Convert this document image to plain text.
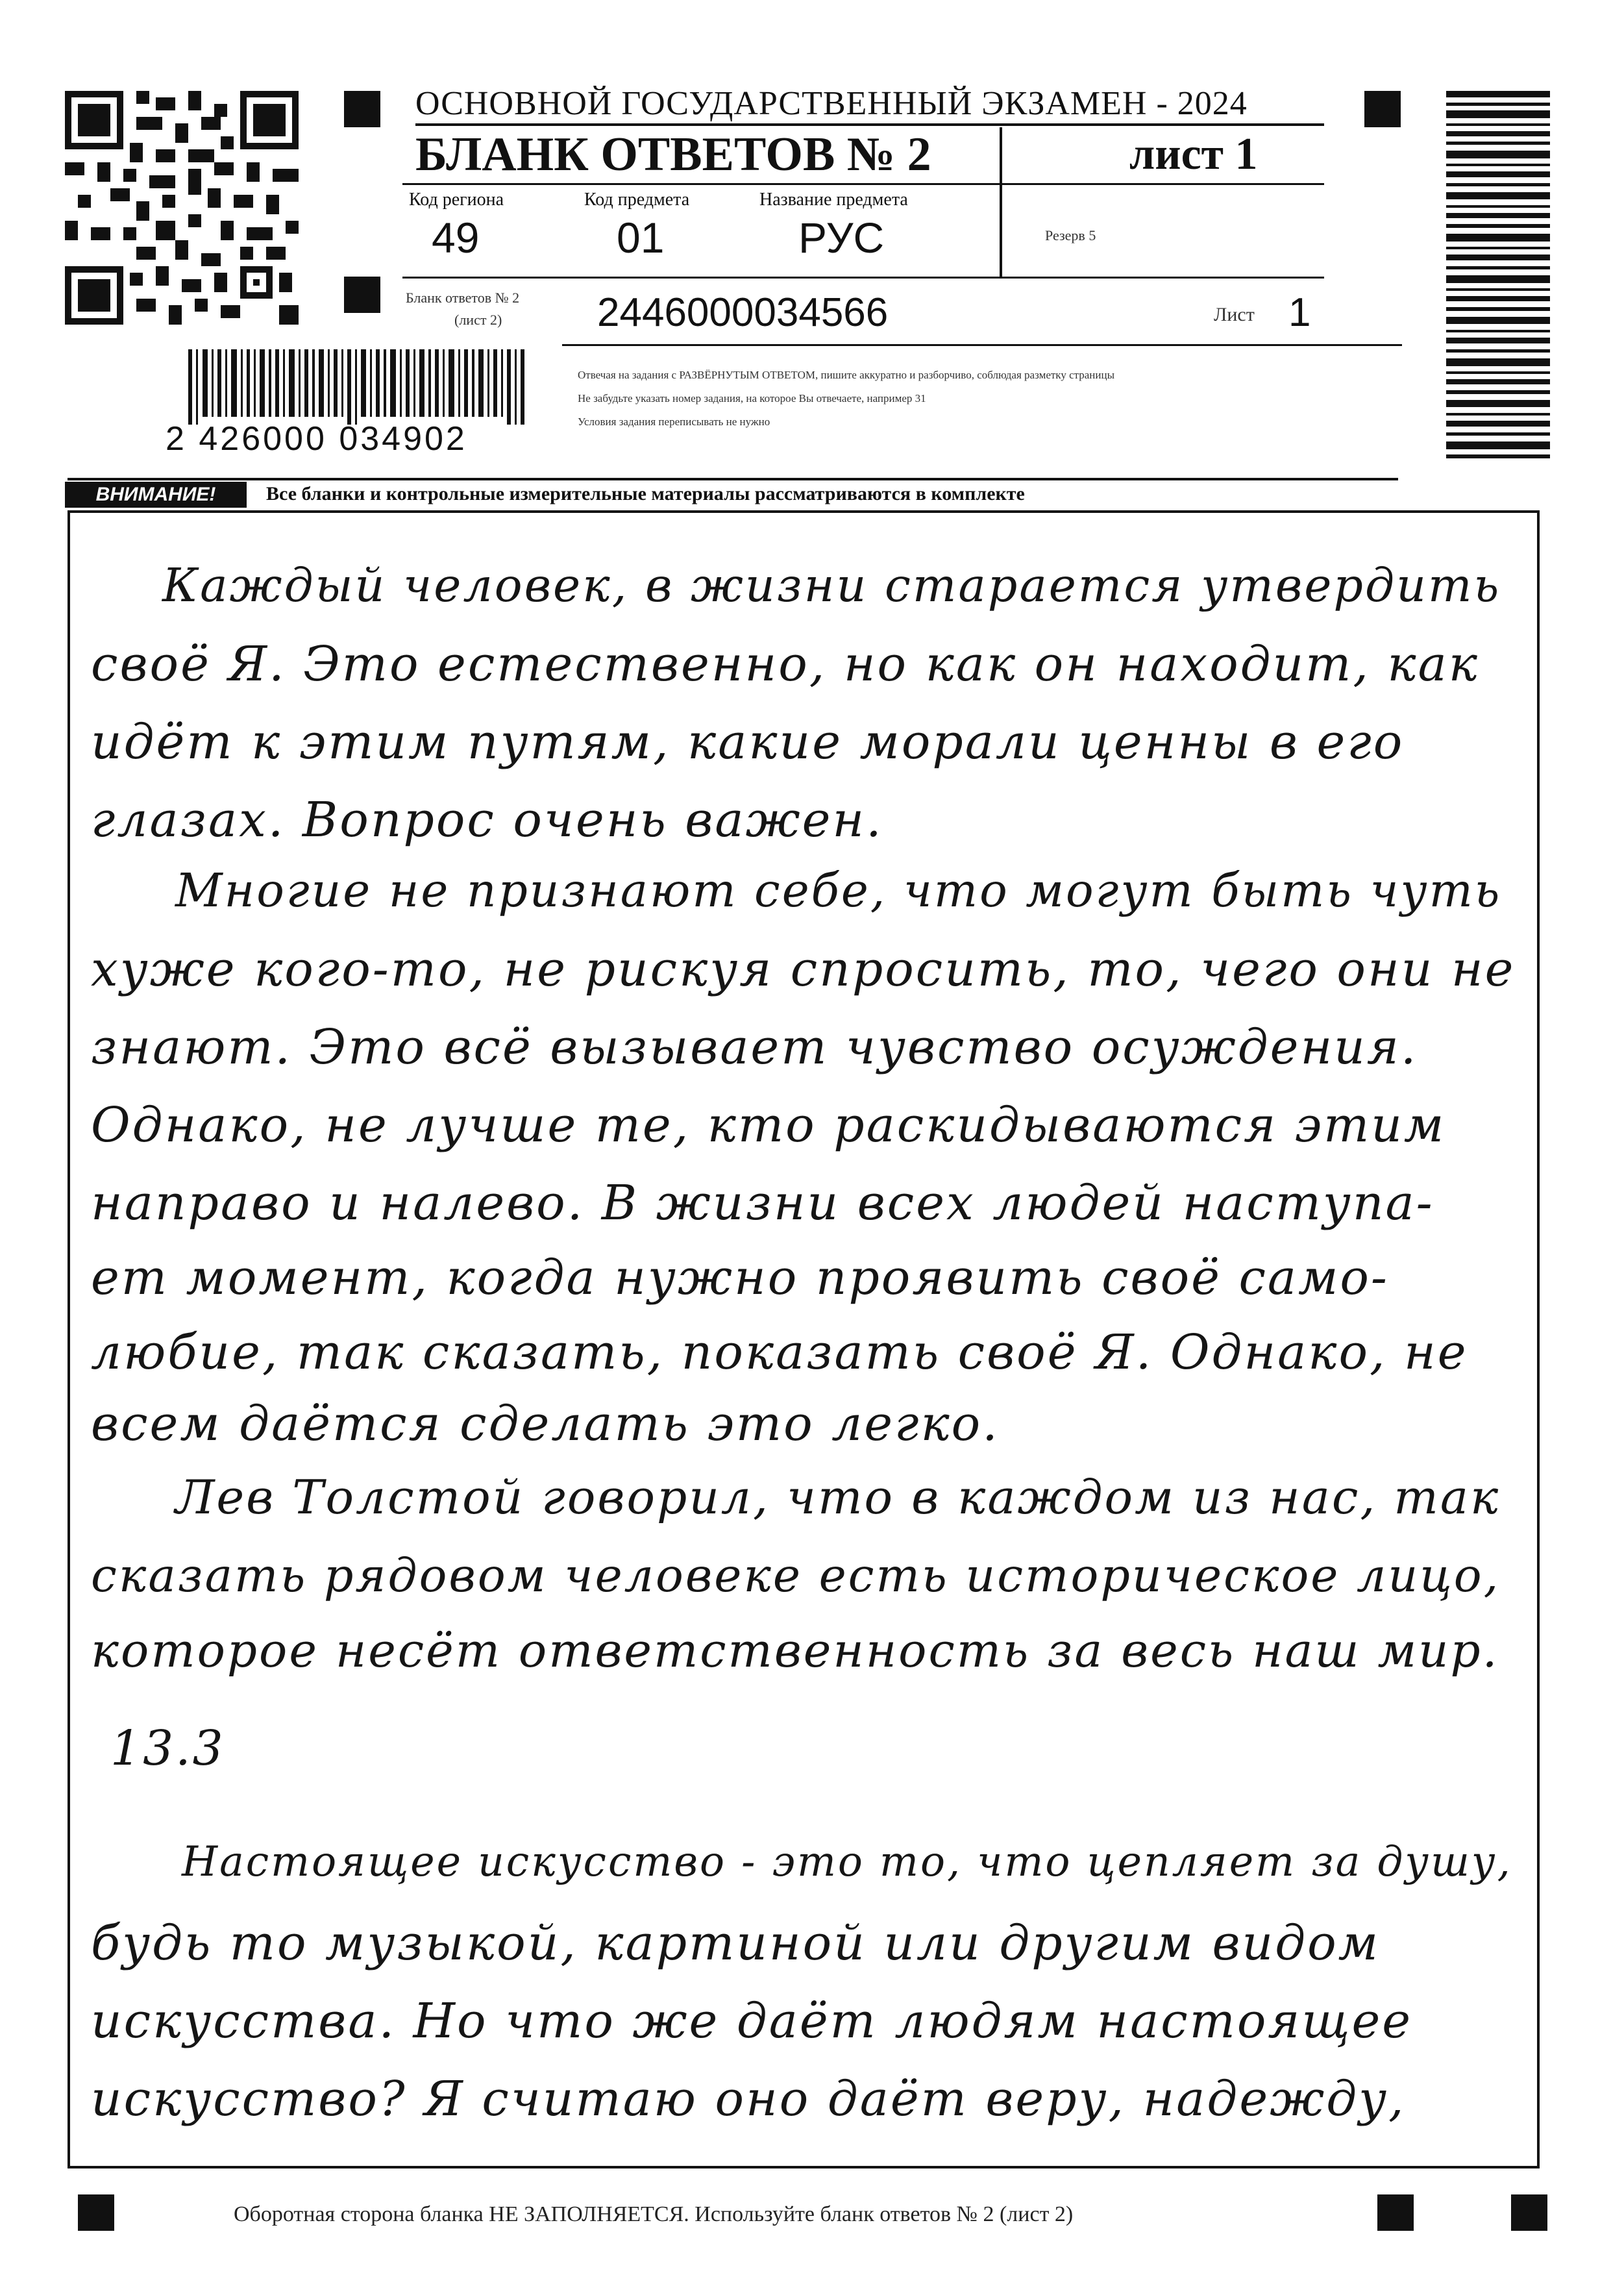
ОСНОВНОЙ ГОСУДАРСТВЕННЫЙ ЭКЗАМЕН - 2024
БЛАНК ОТВЕТОВ № 2	лист 1
Код региона
49
Код предмета
01
Название предмета
РУС	Резерв 5
Бланк ответов № 2
(лист 2) 2446000034566	Лист 1
Отвечая на задания с РАЗВЁРНУТЫМ ОТВЕТОМ, пишите аккуратно и разборчиво, соблюдая разметку страницы
Не забудьте указать номер задания, на которое Вы отвечаете, например 31
Условия задания переписывать не нужно
2 426000 034902
ВНИМАНИЕ!	Все бланки и контрольные измерительные материалы рассматриваются в комплекте
Каждый человек, в жизни старается утвердить
своё Я. Это естественно, но как он находит, как
идёт к этим путям, какие морали ценны в его
глазах. Вопрос очень важен.
Многие не признают себе, что могут быть чуть
хуже кого-то, не рискуя спросить, то, чего они не
знают. Это всё вызывает чувство осуждения.
Однако, не лучше те, кто раскидываются этим
направо и налево. В жизни всех людей наступа-
ет момент, когда нужно проявить своё само-
любие, так сказать, показать своё Я. Однако, не
всем даётся сделать это легко.
Лев Толстой говорил, что в каждом из нас, так
сказать рядовом человеке есть историческое лицо,
которое несёт ответственность за весь наш мир.
13.3
Настоящее искусство - это то, что цепляет за душу,
будь то музыкой, картиной или другим видом
искусства. Но что же даёт людям настоящее
искусство? Я считаю оно даёт веру, надежду,
Оборотная сторона бланка НЕ ЗАПОЛНЯЕТСЯ. Используйте бланк ответов № 2 (лист 2)
